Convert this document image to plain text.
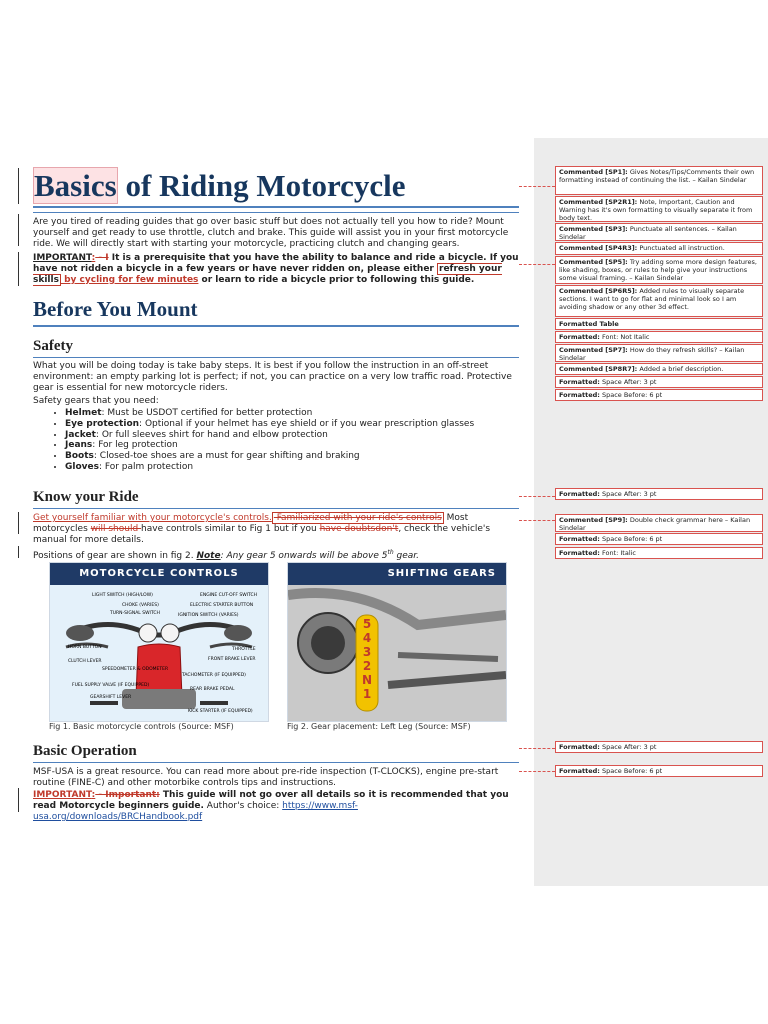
Basics of Riding Motorcycle
Are you tired of reading guides that go over basic stuff but does not actually tell you how to ride? Mount yourself and get ready to use throttle, clutch and brake. This guide will assist you in your first motorcycle ride. We will directly start with starting your motorcycle, practicing clutch and changing gears.
IMPORTANT: - I It is a prerequisite that you have the ability to balance and ride a bicycle. If you have not ridden a bicycle in a few years or have never ridden on, please either refresh your skills by cycling for few minutes or learn to ride a bicycle prior to following this guide.
Before You Mount
Safety
What you will be doing today is take baby steps. It is best if you follow the instruction in an off-street environment: an empty parking lot is perfect; if not, you can practice on a very low traffic road. Protective gear is essential for new motorcycle riders.
Safety gears that you need:
• Helmet: Must be USDOT certified for better protection
• Eye protection: Optional if your helmet has eye shield or if you wear prescription glasses
• Jacket: Or full sleeves shirt for hand and elbow protection
• Jeans: For leg protection
• Boots: Closed-toe shoes are a must for gear shifting and braking
• Gloves: For palm protection
Know your Ride
Get yourself familiar with your motorcycle's controls. Familiarized with your ride's controls Most motorcycles will should have controls similar to Fig 1 but if you have doubtsdon't, check the vehicle's manual for more details.
Positions of gear are shown in fig 2. Note: Any gear 5 onwards will be above 5th gear.
MOTORCYCLE CONTROLS
LIGHT SWITCH (HIGH/LOW)
CHOKE (VARIES)
TURN-SIGNAL SWITCH
HORN BUTTON
CLUTCH LEVER
ENGINE CUT-OFF SWITCH
ELECTRIC STARTER BUTTON
IGNITION SWITCH (VARIES)
THROTTLE
FRONT BRAKE LEVER
SPEEDOMETER & ODOMETER
TACHOMETER (IF EQUIPPED)
FUEL SUPPLY VALVE (IF EQUIPPED)
GEARSHIFT LEVER
REAR BRAKE PEDAL
KICK STARTER (IF EQUIPPED)
Fig 1. Basic motorcycle controls (Source: MSF)
SHIFTING GEARS
5
4
3
2
N
1
Fig 2. Gear placement: Left Leg (Source: MSF)
Basic Operation
MSF-USA is a great resource. You can read more about pre-ride inspection (T-CLOCKS), engine pre-start routine (FINE-C) and other motorbike controls tips and instructions.
IMPORTANT: - Important: This guide will not go over all details so it is recommended that you read Motorcycle beginners guide. Author's choice: https://www.msf-usa.org/downloads/BRCHandbook.pdf
Commented [SP1]: Gives Notes/Tips/Comments their own formatting instead of continuing the list. – Kailan Sindelar
Commented [SP2R1]: Note, Important, Caution and Warning has it's own formatting to visually separate it from body text.
Commented [SP3]: Punctuate all sentences. – Kailan Sindelar
Commented [SP4R3]: Punctuated all instruction.
Commented [SP5]: Try adding some more design features, like shading, boxes, or rules to help give your instructions some visual framing. – Kailan Sindelar
Commented [SP6R5]: Added rules to visually separate sections. I want to go for flat and minimal look so I am avoiding shadow or any other 3d effect.
Formatted Table
Formatted: Font: Not Italic
Commented [SP7]: How do they refresh skills? – Kailan Sindelar
Commented [SP8R7]: Added a brief description.
Formatted: Space After: 3 pt
Formatted: Space Before: 6 pt
Formatted: Space After: 3 pt
Commented [SP9]: Double check grammar here – Kailan Sindelar
Formatted: Space Before: 6 pt
Formatted: Font: Italic
Formatted: Space After: 3 pt
Formatted: Space Before: 6 pt
